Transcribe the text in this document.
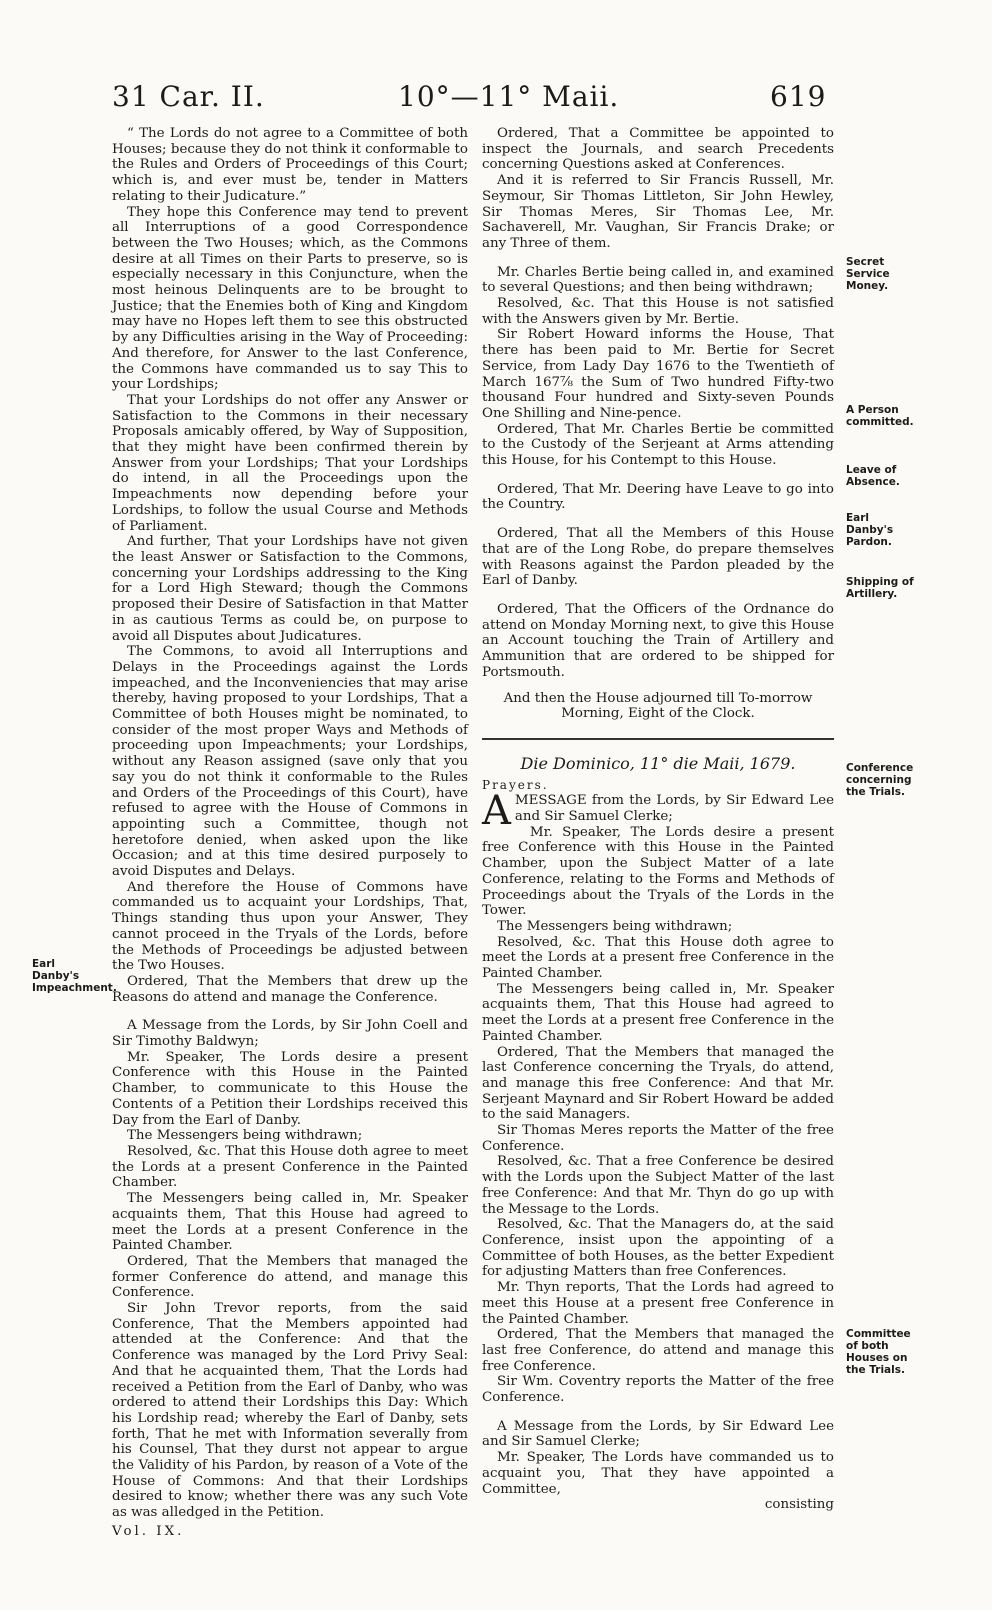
31 Car. II.	10°—11° Maii.	619
Earl Danby's Impeachment.
Secret Service Money.
A Person committed.
Leave of Absence.
Earl Danby's Pardon.
Shipping of Artillery.
Conference concerning the Trials.
Committee of both Houses on the Trials.

“ The Lords do not agree to a Committee of both Houses; because they do not think it conformable to the Rules and Orders of Proceedings of this Court; which is, and ever must be, tender in Matters relating to their Judicature.”

They hope this Conference may tend to prevent all Interruptions of a good Correspondence between the Two Houses; which, as the Commons desire at all Times on their Parts to preserve, so is especially necessary in this Conjuncture, when the most heinous Delinquents are to be brought to Justice; that the Enemies both of King and Kingdom may have no Hopes left them to see this obstructed by any Difficulties arising in the Way of Proceeding: And therefore, for Answer to the last Conference, the Commons have commanded us to say This to your Lordships;

That your Lordships do not offer any Answer or Satisfaction to the Commons in their necessary Proposals amicably offered, by Way of Supposition, that they might have been confirmed therein by Answer from your Lordships; That your Lordships do intend, in all the Proceedings upon the Impeachments now depending before your Lordships, to follow the usual Course and Methods of Parliament.

And further, That your Lordships have not given the least Answer or Satisfaction to the Commons, concerning your Lordships addressing to the King for a Lord High Steward; though the Commons proposed their Desire of Satisfaction in that Matter in as cautious Terms as could be, on purpose to avoid all Disputes about Judicatures.

The Commons, to avoid all Interruptions and Delays in the Proceedings against the Lords impeached, and the Inconveniencies that may arise thereby, having proposed to your Lordships, That a Committee of both Houses might be nominated, to consider of the most proper Ways and Methods of proceeding upon Impeachments; your Lordships, without any Reason assigned (save only that you say you do not think it conformable to the Rules and Orders of the Proceedings of this Court), have refused to agree with the House of Commons in appointing such a Committee, though not heretofore denied, when asked upon the like Occasion; and at this time desired purposely to avoid Disputes and Delays.

And therefore the House of Commons have commanded us to acquaint your Lordships, That, Things standing thus upon your Answer, They cannot proceed in the Tryals of the Lords, before the Methods of Proceedings be adjusted between the Two Houses.

Ordered, That the Members that drew up the Reasons do attend and manage the Conference.

A Message from the Lords, by Sir John Coell and Sir Timothy Baldwyn;

Mr. Speaker, The Lords desire a present Conference with this House in the Painted Chamber, to communicate to this House the Contents of a Petition their Lordships received this Day from the Earl of Danby.

The Messengers being withdrawn;

Resolved, &c. That this House doth agree to meet the Lords at a present Conference in the Painted Chamber.

The Messengers being called in, Mr. Speaker acquaints them, That this House had agreed to meet the Lords at a present Conference in the Painted Chamber.

Ordered, That the Members that managed the former Conference do attend, and manage this Conference.

Sir John Trevor reports, from the said Conference, That the Members appointed had attended at the Conference: And that the Conference was managed by the Lord Privy Seal: And that he acquainted them, That the Lords had received a Petition from the Earl of Danby, who was ordered to attend their Lordships this Day: Which his Lordship read; whereby the Earl of Danby, sets forth, That he met with Information severally from his Counsel, That they durst not appear to argue the Validity of his Pardon, by reason of a Vote of the House of Commons: And that their Lordships desired to know; whether there was any such Vote as was alledged in the Petition.

Vol. IX.

Ordered, That a Committee be appointed to inspect the Journals, and search Precedents concerning Questions asked at Conferences.

And it is referred to Sir Francis Russell, Mr. Seymour, Sir Thomas Littleton, Sir John Hewley, Sir Thomas Meres, Sir Thomas Lee, Mr. Sachaverell, Mr. Vaughan, Sir Francis Drake; or any Three of them.

Mr. Charles Bertie being called in, and examined to several Questions; and then being withdrawn;

Resolved, &c. That this House is not satisfied with the Answers given by Mr. Bertie.

Sir Robert Howard informs the House, That there has been paid to Mr. Bertie for Secret Service, from Lady Day 1676 to the Twentieth of March 167⅞ the Sum of Two hundred Fifty-two thousand Four hundred and Sixty-seven Pounds One Shilling and Nine-pence.

Ordered, That Mr. Charles Bertie be committed to the Custody of the Serjeant at Arms attending this House, for his Contempt to this House.

Ordered, That Mr. Deering have Leave to go into the Country.

Ordered, That all the Members of this House that are of the Long Robe, do prepare themselves with Reasons against the Pardon pleaded by the Earl of Danby.

Ordered, That the Officers of the Ordnance do attend on Monday Morning next, to give this House an Account touching the Train of Artillery and Ammunition that are ordered to be shipped for Portsmouth.

And then the House adjourned till To-morrow Morning, Eight of the Clock.

Die Dominico, 11° die Maii, 1679.

Prayers.

AMESSAGE from the Lords, by Sir Edward Lee and Sir Samuel Clerke;

Mr. Speaker, The Lords desire a present free Conference with this House in the Painted Chamber, upon the Subject Matter of a late Conference, relating to the Forms and Methods of Proceedings about the Tryals of the Lords in the Tower.

The Messengers being withdrawn;

Resolved, &c. That this House doth agree to meet the Lords at a present free Conference in the Painted Chamber.

The Messengers being called in, Mr. Speaker acquaints them, That this House had agreed to meet the Lords at a present free Conference in the Painted Chamber.

Ordered, That the Members that managed the last Conference concerning the Tryals, do attend, and manage this free Conference: And that Mr. Serjeant Maynard and Sir Robert Howard be added to the said Managers.

Sir Thomas Meres reports the Matter of the free Conference.

Resolved, &c. That a free Conference be desired with the Lords upon the Subject Matter of the last free Conference: And that Mr. Thyn do go up with the Message to the Lords.

Resolved, &c. That the Managers do, at the said Conference, insist upon the appointing of a Committee of both Houses, as the better Expedient for adjusting Matters than free Conferences.

Mr. Thyn reports, That the Lords had agreed to meet this House at a present free Conference in the Painted Chamber.

Ordered, That the Members that managed the last free Conference, do attend and manage this free Conference.

Sir Wm. Coventry reports the Matter of the free Conference.

A Message from the Lords, by Sir Edward Lee and Sir Samuel Clerke;

Mr. Speaker, The Lords have commanded us to acquaint you, That they have appointed a Committee,

consisting
